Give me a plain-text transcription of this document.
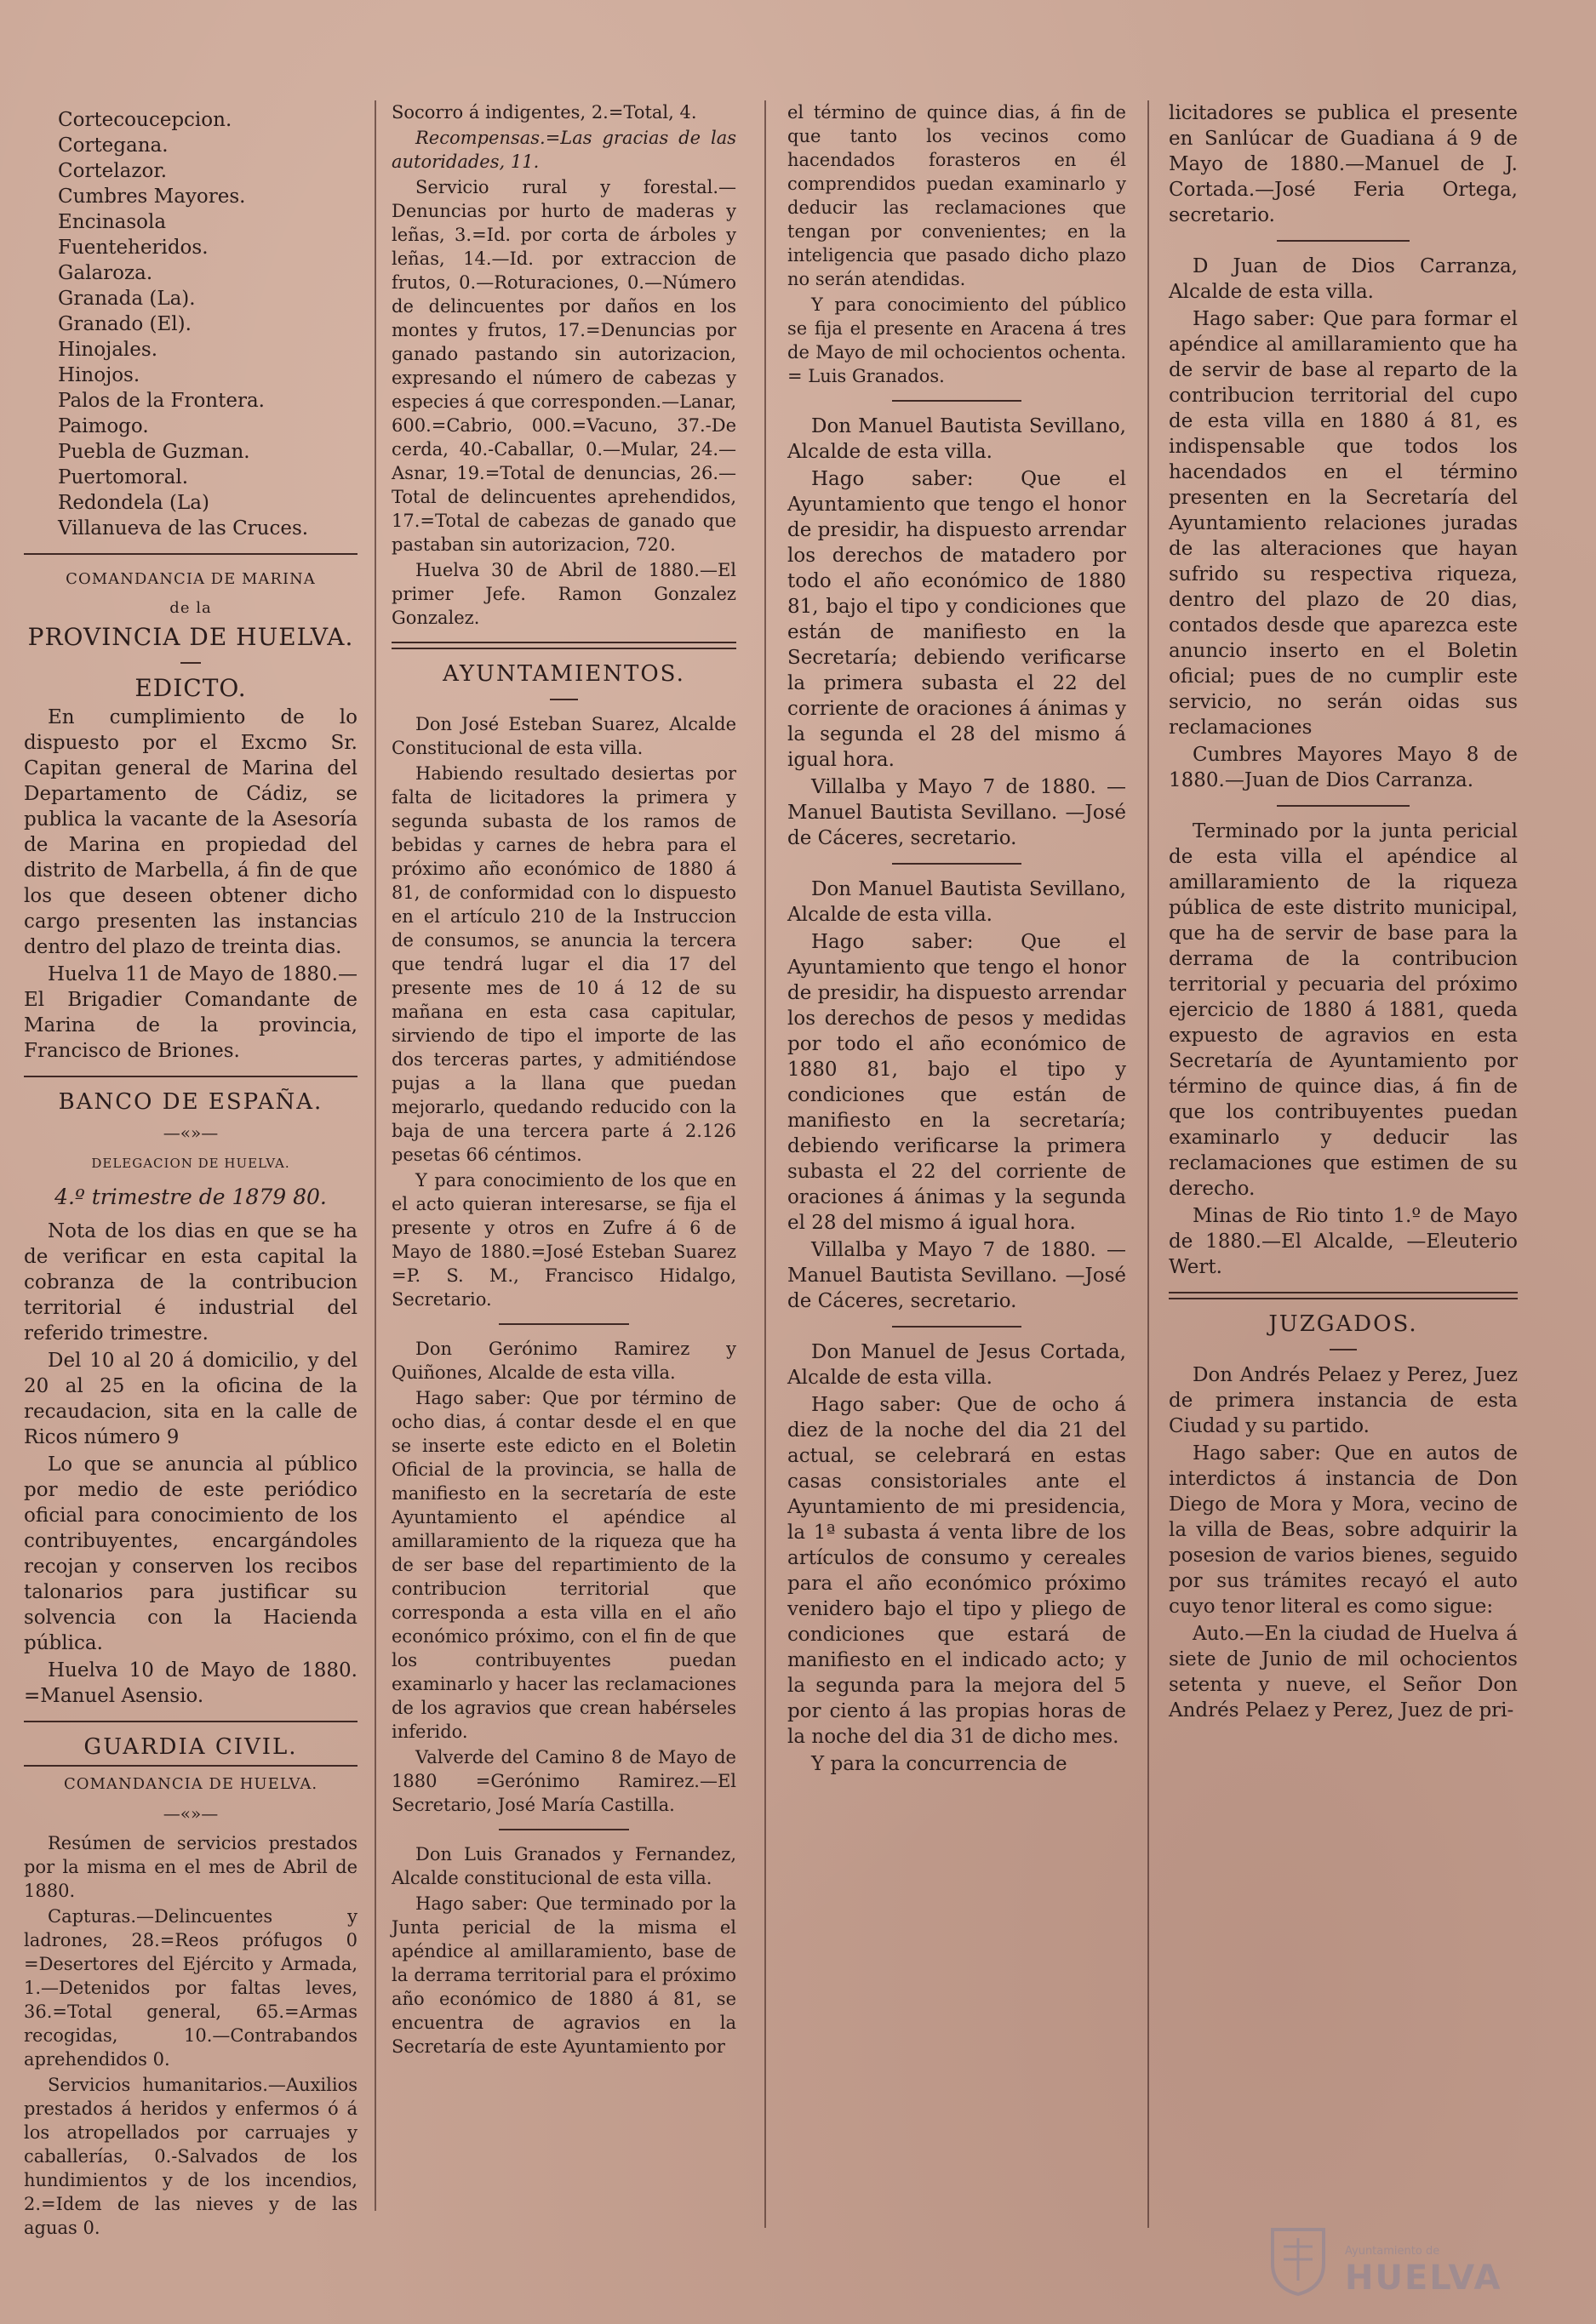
Cortecoucepcion.
Cortegana.
Cortelazor.
Cumbres Mayores.
Encinasola
Fuenteheridos.
Galaroza.
Granada (La).
Granado (El).
Hinojales.
Hinojos.
Palos de la Frontera.
Paimogo.
Puebla de Guzman.
Puertomoral.
Redondela (La)
Villanueva de las Cruces.
COMANDANCIA DE MARINA
de la
PROVINCIA DE HUELVA.
EDICTO.

En cumplimiento de lo dispuesto por el Excmo Sr. Capitan general de Marina del Departamento de Cádiz, se publica la vacante de la Asesoría de Marina en propiedad del distrito de Marbella, á fin de que los que deseen obtener dicho cargo presenten las instancias dentro del plazo de treinta dias.

Huelva 11 de Mayo de 1880.—El Brigadier Comandante de Marina de la provincia, Francisco de Briones.

BANCO DE ESPAÑA.
—«»—
DELEGACION DE HUELVA.
4.º trimestre de 1879 80.

Nota de los dias en que se ha de verificar en esta capital la cobranza de la contribucion territorial é industrial del referido trimestre.

Del 10 al 20 á domicilio, y del 20 al 25 en la oficina de la recaudacion, sita en la calle de Ricos número 9

Lo que se anuncia al público por medio de este periódico oficial para conocimiento de los contribuyentes, encargándoles recojan y conserven los recibos talonarios para justificar su solvencia con la Hacienda pública.

Huelva 10 de Mayo de 1880. =Manuel Asensio.

GUARDIA CIVIL.
COMANDANCIA DE HUELVA.
—«»—

Resúmen de servicios prestados por la misma en el mes de Abril de 1880.

Capturas.—Delincuentes y ladrones, 28.=Reos prófugos 0 =Desertores del Ejército y Armada, 1.—Detenidos por faltas leves, 36.=Total general, 65.=Armas recogidas, 10.—Contrabandos aprehendidos 0.

Servicios humanitarios.—Auxilios prestados á heridos y enfermos ó á los atropellados por carruajes y caballerías, 0.-Salvados de los hundimientos y de los incendios, 2.=Idem de las nieves y de las aguas 0.

Socorro á indigentes, 2.=Total, 4.

Recompensas.=Las gracias de las autoridades, 11.

Servicio rural y forestal.—Denuncias por hurto de maderas y leñas, 3.=Id. por corta de árboles y leñas, 14.—Id. por extraccion de frutos, 0.—Roturaciones, 0.—Número de delincuentes por daños en los montes y frutos, 17.=Denuncias por ganado pastando sin autorizacion, expresando el número de cabezas y especies á que corresponden.—Lanar, 600.=Cabrio, 000.=Vacuno, 37.-De cerda, 40.-Caballar, 0.—Mular, 24.—Asnar, 19.=Total de denuncias, 26.—Total de delincuentes aprehendidos, 17.=Total de cabezas de ganado que pastaban sin autorizacion, 720.

Huelva 30 de Abril de 1880.—El primer Jefe. Ramon Gonzalez Gonzalez.

AYUNTAMIENTOS.

Don José Esteban Suarez, Alcalde Constitucional de esta villa.

Habiendo resultado desiertas por falta de licitadores la primera y segunda subasta de los ramos de bebidas y carnes de hebra para el próximo año económico de 1880 á 81, de conformidad con lo dispuesto en el artículo 210 de la Instruccion de consumos, se anuncia la tercera que tendrá lugar el dia 17 del presente mes de 10 á 12 de su mañana en esta casa capitular, sirviendo de tipo el importe de las dos terceras partes, y admitiéndose pujas a la llana que puedan mejorarlo, quedando reducido con la baja de una tercera parte á 2.126 pesetas 66 céntimos.

Y para conocimiento de los que en el acto quieran interesarse, se fija el presente y otros en Zufre á 6 de Mayo de 1880.=José Esteban Suarez =P. S. M., Francisco Hidalgo, Secretario.

Don Gerónimo Ramirez y Quiñones, Alcalde de esta villa.

Hago saber: Que por término de ocho dias, á contar desde el en que se inserte este edicto en el Boletin Oficial de la provincia, se halla de manifiesto en la secretaría de este Ayuntamiento el apéndice al amillaramiento de la riqueza que ha de ser base del repartimiento de la contribucion territorial que corresponda a esta villa en el año económico próximo, con el fin de que los contribuyentes puedan examinarlo y hacer las reclamaciones de los agravios que crean habérseles inferido.

Valverde del Camino 8 de Mayo de 1880 =Gerónimo Ramirez.—El Secretario, José María Castilla.

Don Luis Granados y Fernandez, Alcalde constitucional de esta villa.

Hago saber: Que terminado por la Junta pericial de la misma el apéndice al amillaramiento, base de la derrama territorial para el próximo año económico de 1880 á 81, se encuentra de agravios en la Secretaría de este Ayuntamiento por

el término de quince dias, á fin de que tanto los vecinos como hacendados forasteros en él comprendidos puedan examinarlo y deducir las reclamaciones que tengan por convenientes; en la inteligencia que pasado dicho plazo no serán atendidas.

Y para conocimiento del público se fija el presente en Aracena á tres de Mayo de mil ochocientos ochenta. = Luis Granados.

Don Manuel Bautista Sevillano, Alcalde de esta villa.

Hago saber: Que el Ayuntamiento que tengo el honor de presidir, ha dispuesto arrendar los derechos de matadero por todo el año económico de 1880 81, bajo el tipo y condiciones que están de manifiesto en la Secretaría; debiendo verificarse la primera subasta el 22 del corriente de oraciones á ánimas y la segunda el 28 del mismo á igual hora.

Villalba y Mayo 7 de 1880. —Manuel Bautista Sevillano. —José de Cáceres, secretario.

Don Manuel Bautista Sevillano, Alcalde de esta villa.

Hago saber: Que el Ayuntamiento que tengo el honor de presidir, ha dispuesto arrendar los derechos de pesos y medidas por todo el año económico de 1880 81, bajo el tipo y condiciones que están de manifiesto en la secretaría; debiendo verificarse la primera subasta el 22 del corriente de oraciones á ánimas y la segunda el 28 del mismo á igual hora.

Villalba y Mayo 7 de 1880. —Manuel Bautista Sevillano. —José de Cáceres, secretario.

Don Manuel de Jesus Cortada, Alcalde de esta villa.

Hago saber: Que de ocho á diez de la noche del dia 21 del actual, se celebrará en estas casas consistoriales ante el Ayuntamiento de mi presidencia, la 1ª subasta á venta libre de los artículos de consumo y cereales para el año económico próximo venidero bajo el tipo y pliego de condiciones que estará de manifiesto en el indicado acto; y la segunda para la mejora del 5 por ciento á las propias horas de la noche del dia 31 de dicho mes.

Y para la concurrencia de

licitadores se publica el presente en Sanlúcar de Guadiana á 9 de Mayo de 1880.—Manuel de J. Cortada.—José Feria Ortega, secretario.

D Juan de Dios Carranza, Alcalde de esta villa.

Hago saber: Que para formar el apéndice al amillaramiento que ha de servir de base al reparto de la contribucion territorial del cupo de esta villa en 1880 á 81, es indispensable que todos los hacendados en el término presenten en la Secretaría del Ayuntamiento relaciones juradas de las alteraciones que hayan sufrido su respectiva riqueza, dentro del plazo de 20 dias, contados desde que aparezca este anuncio inserto en el Boletin oficial; pues de no cumplir este servicio, no serán oidas sus reclamaciones

Cumbres Mayores Mayo 8 de 1880.—Juan de Dios Carranza.

Terminado por la junta pericial de esta villa el apéndice al amillaramiento de la riqueza pública de este distrito municipal, que ha de servir de base para la derrama de la contribucion territorial y pecuaria del próximo ejercicio de 1880 á 1881, queda expuesto de agravios en esta Secretaría de Ayuntamiento por término de quince dias, á fin de que los contribuyentes puedan examinarlo y deducir las reclamaciones que estimen de su derecho.

Minas de Rio tinto 1.º de Mayo de 1880.—El Alcalde, —Eleuterio Wert.

JUZGADOS.

Don Andrés Pelaez y Perez, Juez de primera instancia de esta Ciudad y su partido.

Hago saber: Que en autos de interdictos á instancia de Don Diego de Mora y Mora, vecino de la villa de Beas, sobre adquirir la posesion de varios bienes, seguido por sus trámites recayó el auto cuyo tenor literal es como sigue:

Auto.—En la ciudad de Huelva á siete de Junio de mil ochocientos setenta y nueve, el Señor Don Andrés Pelaez y Perez, Juez de pri-

Ayuntamiento de
HUELVA
